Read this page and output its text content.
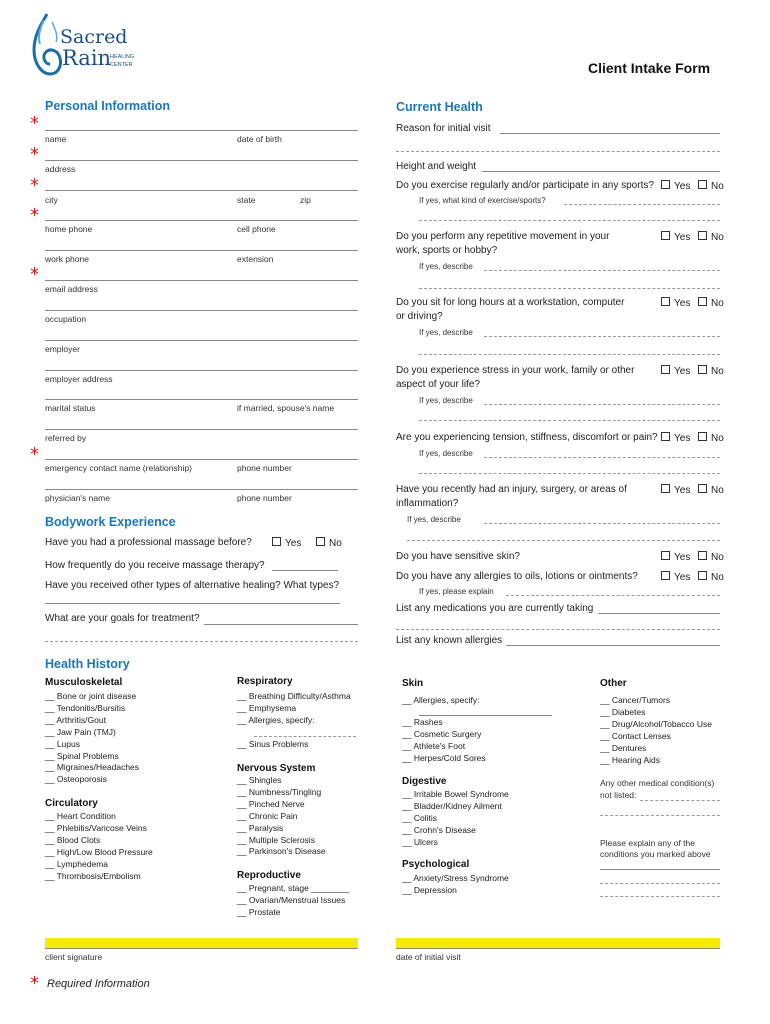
Sacred
Rain
HEALING
CENTER	Client Intake Form
Personal Information
*
name	date of birth
*
address
*
city	state	zip
*
home phone	cell phone
work phone	extension
*
email address
occupation
employer
employer address
marital status	if married, spouse's name
referred by
*
emergency contact name (relationship)	phone number
physician's name	phone number
Bodywork Experience
Have you had a professional massage before?	Yes	No
How frequently do you receive massage therapy?
Have you received other types of alternative healing? What types?
What are your goals for treatment?
Current Health
Reason for initial visit
Height and weight
Do you exercise regularly and/or participate in any sports?	Yes	No
If yes, what kind of exercise/sports?
Do you perform any repetitive movement in your work, sports or hobby?
Yes	No
If yes, describe
Do you sit for long hours at a workstation, computer or driving?
Yes	No
If yes, describe
Do you experience stress in your work, family or other aspect of your life?
Yes	No
If yes, describe
Are you experiencing tension, stiffness, discomfort or pain?	Yes	No
If yes, describe
Have you recently had an injury, surgery, or areas of inflammation?
Yes	No
If yes, describe
Do you have sensitive skin?	Yes	No
Do you have any allergies to oils, lotions or ointments?	Yes	No
If yes, please explain
List any medications you are currently taking
List any known allergies
Health History
Musculoskeletal
__ Bone or joint disease
__ Tendonitis/Bursitis
__ Arthritis/Gout
__ Jaw Pain (TMJ)
__ Lupus
__ Spinal Problems
__ Migraines/Headaches
__ Osteoporosis
Circulatory
__ Heart Condition
__ Phlebitis/Varicose Veins
__ Blood Clots
__ High/Low Blood Pressure
__ Lymphedema
__ Thrombosis/Embolism
Respiratory
__ Breathing Difficulty/Asthma
__ Emphysema
__ Allergies, specify:
__ Sinus Problems
Nervous System
__ Shingles
__ Numbness/Tingling
__ Pinched Nerve
__ Chronic Pain
__ Paralysis
__ Multiple Sclerosis
__ Parkinson's Disease
Reproductive
__ Pregnant, stage ________
__ Ovarian/Menstrual Issues
__ Prostate
Skin
__ Allergies, specify:
__ Rashes
__ Cosmetic Surgery
__ Athlete's Foot
__ Herpes/Cold Sores
Digestive
__ Irritable Bowel Syndrome
__ Bladder/Kidney Ailment
__ Colitis
__ Crohn's Disease
__ Ulcers
Psychological
__ Anxiety/Stress Syndrome
__ Depression
Other
__ Cancer/Tumors
__ Diabetes
__ Drug/Alcohol/Tobacco Use
__ Contact Lenses
__ Dentures
__ Hearing Aids
Any other medical condition(s)
not listed:
Please explain any of the
conditions you marked above
client signature	date of initial visit
* Required Information
